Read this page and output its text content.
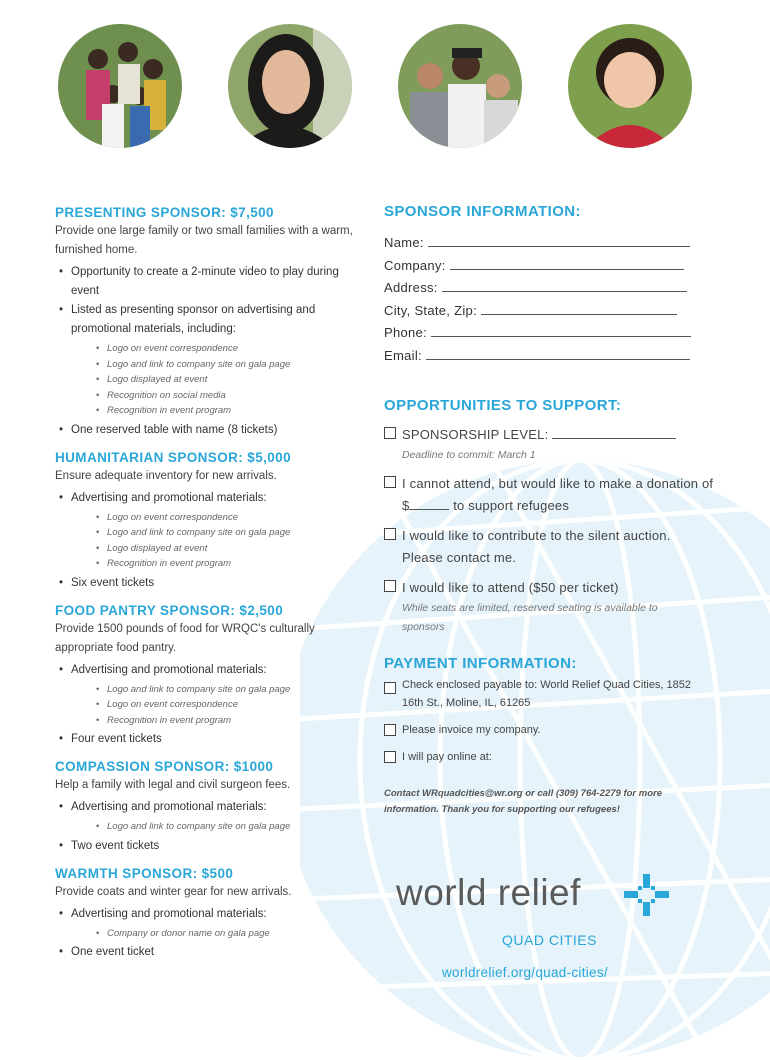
PRESENTING SPONSOR: $7,500

Provide one large family or two small families with a warm, furnished home.
• Opportunity to create a 2-minute video to play during event
• Listed as presenting sponsor on advertising and promotional materials, including:
• Logo on event correspondence
• Logo and link to company site on gala page
• Logo displayed at event
• Recognition on social media
• Recognition in event program
• One reserved table with name (8 tickets)

HUMANITARIAN SPONSOR: $5,000

Ensure adequate inventory for new arrivals.
• Advertising and promotional materials:
• Logo on event correspondence
• Logo and link to company site on gala page
• Logo displayed at event
• Recognition in event program
• Six event tickets

FOOD PANTRY SPONSOR: $2,500

Provide 1500 pounds of food for WRQC's culturally appropriate food pantry.
• Advertising and promotional materials:
• Logo and link to company site on gala page
• Logo on event correspondence
• Recognition in event program
• Four event tickets

COMPASSION SPONSOR: $1000

Help a family with legal and civil surgeon fees.
• Advertising and promotional materials:
• Logo and link to company site on gala page
• Two event tickets

WARMTH SPONSOR: $500

Provide coats and winter gear for new arrivals.
• Advertising and promotional materials:
• Company or donor name on gala page
• One event ticket

SPONSOR INFORMATION:

Name:
Company:
Address:
City, State, Zip:
Phone:
Email:

OPPORTUNITIES TO SUPPORT:

SPONSORSHIP LEVEL:
Deadline to commit: March 1
I cannot attend, but would like to make a donation of $	to support refugees
I would like to contribute to the silent auction. Please contact me.
I would like to attend ($50 per ticket)
While seats are limited, reserved seating is available to sponsors

PAYMENT INFORMATION:

Check enclosed payable to: World Relief Quad Cities, 1852 16th St., Moline, IL, 61265
Please invoice my company.
I will pay online at:
Contact WRquadcities@wr.org or call (309) 764-2279 for more information. Thank you for supporting our refugees!
world relief
QUAD CITIES
worldrelief.org/quad-cities/
